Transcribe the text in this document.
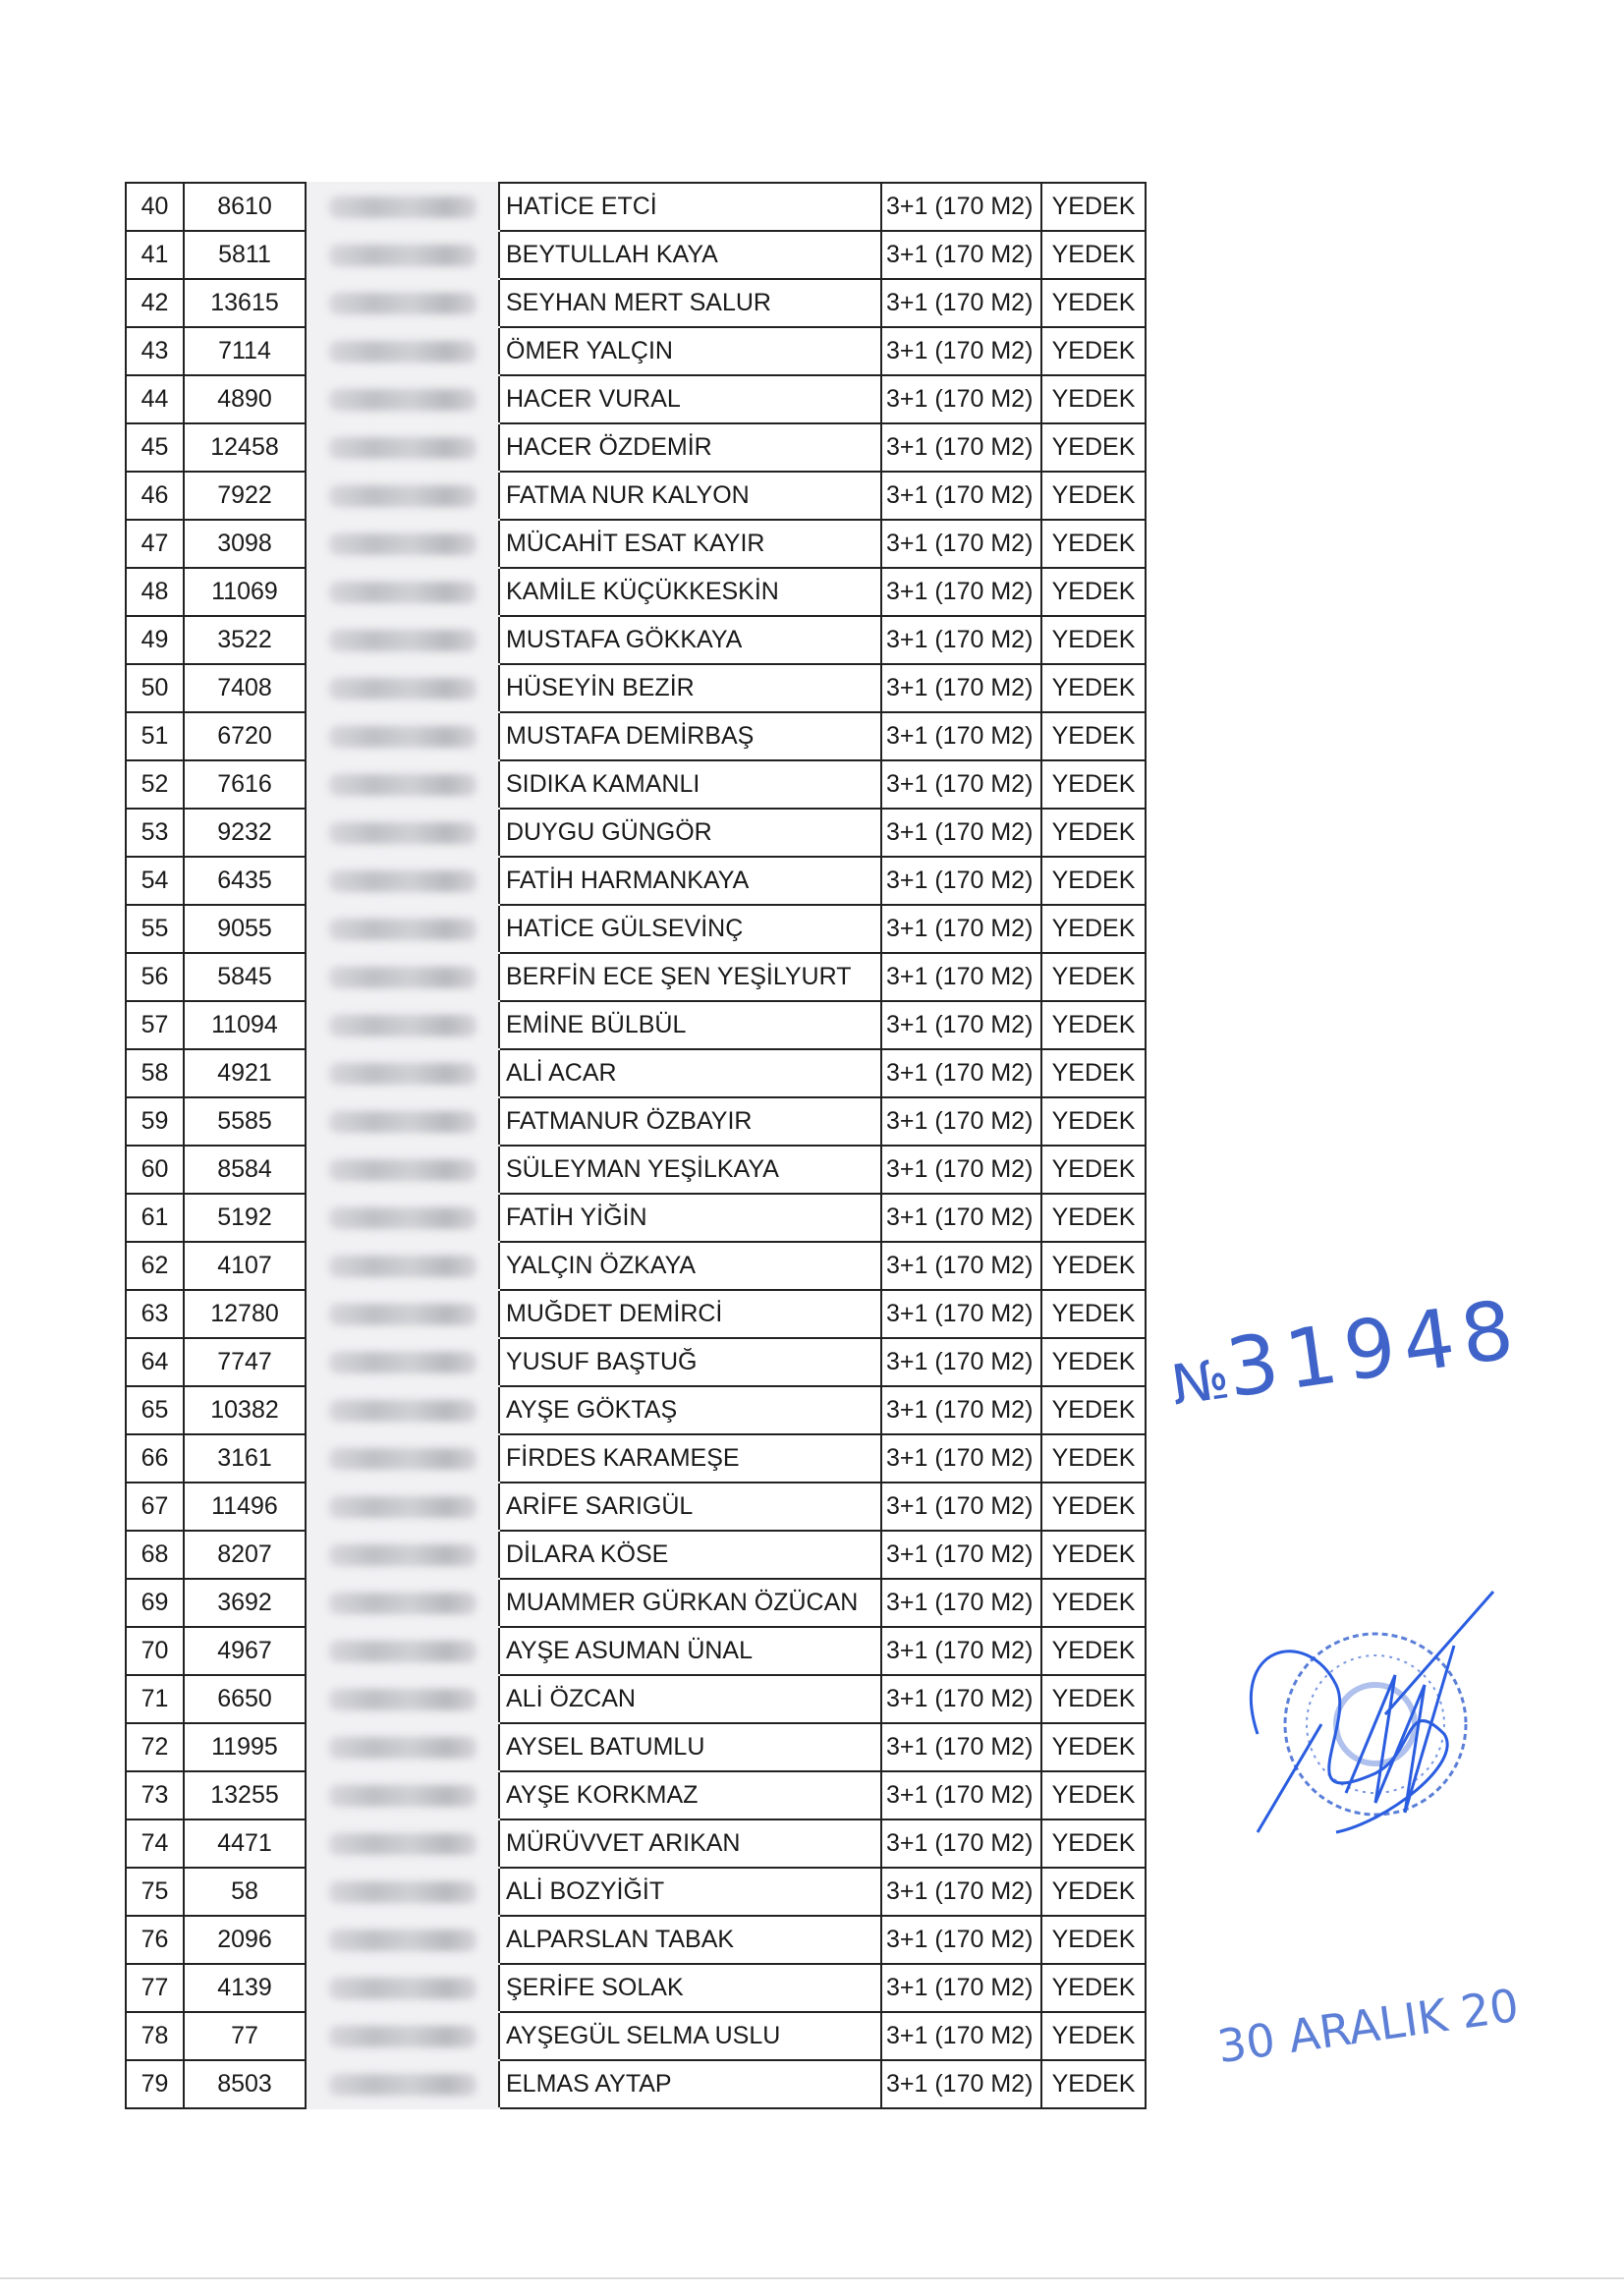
40	8610		HATİCE ETCİ	3+1 (170 M2)	YEDEK
41	5811		BEYTULLAH KAYA	3+1 (170 M2)	YEDEK
42	13615		SEYHAN MERT SALUR	3+1 (170 M2)	YEDEK
43	7114		ÖMER YALÇIN	3+1 (170 M2)	YEDEK
44	4890		HACER VURAL	3+1 (170 M2)	YEDEK
45	12458		HACER ÖZDEMİR	3+1 (170 M2)	YEDEK
46	7922		FATMA NUR KALYON	3+1 (170 M2)	YEDEK
47	3098		MÜCAHİT ESAT KAYIR	3+1 (170 M2)	YEDEK
48	11069		KAMİLE KÜÇÜKKESKİN	3+1 (170 M2)	YEDEK
49	3522		MUSTAFA GÖKKAYA	3+1 (170 M2)	YEDEK
50	7408		HÜSEYİN BEZİR	3+1 (170 M2)	YEDEK
51	6720		MUSTAFA DEMİRBAŞ	3+1 (170 M2)	YEDEK
52	7616		SIDIKA KAMANLI	3+1 (170 M2)	YEDEK
53	9232		DUYGU GÜNGÖR	3+1 (170 M2)	YEDEK
54	6435		FATİH HARMANKAYA	3+1 (170 M2)	YEDEK
55	9055		HATİCE GÜLSEVİNÇ	3+1 (170 M2)	YEDEK
56	5845		BERFİN ECE ŞEN YEŞİLYURT	3+1 (170 M2)	YEDEK
57	11094		EMİNE BÜLBÜL	3+1 (170 M2)	YEDEK
58	4921		ALİ ACAR	3+1 (170 M2)	YEDEK
59	5585		FATMANUR ÖZBAYIR	3+1 (170 M2)	YEDEK
60	8584		SÜLEYMAN YEŞİLKAYA	3+1 (170 M2)	YEDEK
61	5192		FATİH YİĞİN	3+1 (170 M2)	YEDEK
62	4107		YALÇIN ÖZKAYA	3+1 (170 M2)	YEDEK
63	12780		MUĞDET DEMİRCİ	3+1 (170 M2)	YEDEK
64	7747		YUSUF BAŞTUĞ	3+1 (170 M2)	YEDEK
65	10382		AYŞE GÖKTAŞ	3+1 (170 M2)	YEDEK
66	3161		FİRDES KARAMEŞE	3+1 (170 M2)	YEDEK
67	11496		ARİFE SARIGÜL	3+1 (170 M2)	YEDEK
68	8207		DİLARA KÖSE	3+1 (170 M2)	YEDEK
69	3692		MUAMMER GÜRKAN ÖZÜCAN	3+1 (170 M2)	YEDEK
70	4967		AYŞE ASUMAN ÜNAL	3+1 (170 M2)	YEDEK
71	6650		ALİ ÖZCAN	3+1 (170 M2)	YEDEK
72	11995		AYSEL BATUMLU	3+1 (170 M2)	YEDEK
73	13255		AYŞE KORKMAZ	3+1 (170 M2)	YEDEK
74	4471		MÜRÜVVET ARIKAN	3+1 (170 M2)	YEDEK
75	58		ALİ BOZYİĞİT	3+1 (170 M2)	YEDEK
76	2096		ALPARSLAN TABAK	3+1 (170 M2)	YEDEK
77	4139		ŞERİFE SOLAK	3+1 (170 M2)	YEDEK
78	77		AYŞEGÜL SELMA USLU	3+1 (170 M2)	YEDEK
79	8503		ELMAS AYTAP	3+1 (170 M2)	YEDEK
№31948
30 ARALIK 20
